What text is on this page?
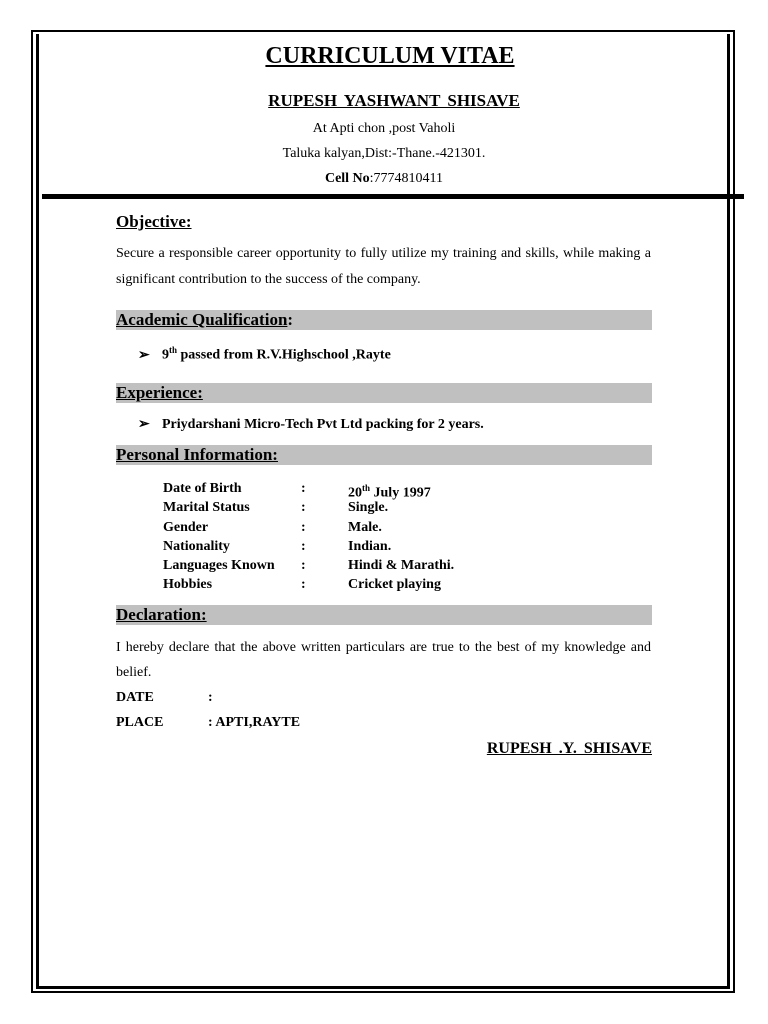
CURRICULUM VITAE
RUPESH YASHWANT SHISAVE
At Apti chon ,post Vaholi
Taluka kalyan,Dist:-Thane.-421301.
Cell No:7774810411
Objective:
Secure a responsible career opportunity to fully utilize my training and skills, while making a significant contribution to the success of the company.
Academic Qualification:
➢ 9th passed from R.V.Highschool ,Rayte
Experience:
➢ Priydarshani Micro-Tech Pvt Ltd packing for 2 years.
Personal Information:
Date of Birth	:	20th July 1997
Marital Status	:	Single.
Gender	:	Male.
Nationality	:	Indian.
Languages Known :	Hindi & Marathi.
Hobbies	:	Cricket playing
Declaration:
I hereby declare that the above written particulars are true to the best of my knowledge and belief.
DATE	:
PLACE	: APTI,RAYTE
RUPESH .Y. SHISAVE
